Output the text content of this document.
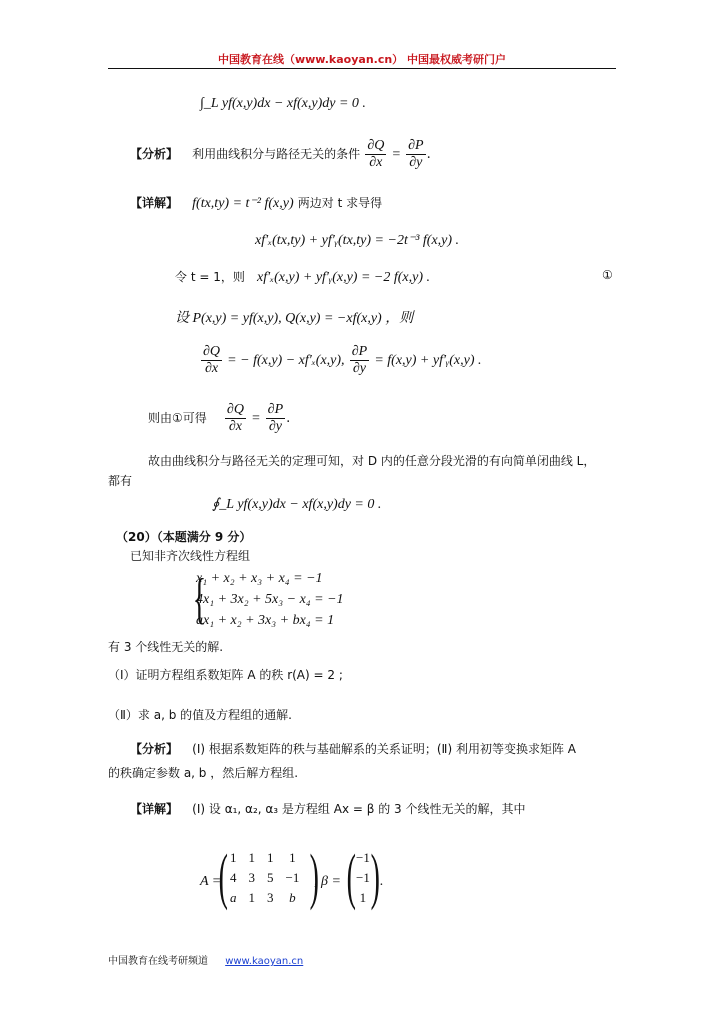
中国教育在线（www.kaoyan.cn） 中国最权威考研门户
∫_L yf(x,y)dx − xf(x,y)dy = 0 .
【分析】 利用曲线积分与路径无关的条件 $\frac{\partial Q}{\partial x} = \frac{\partial P}{\partial y}$ .
【详解】 f(tx,ty) = t⁻² f(x,y) 两边对 t 求导得
xf′ₓ(tx,ty) + yf′ᵧ(tx,ty) = −2t⁻³ f(x,y) .
令 t = 1，则 xf′ₓ(x,y) + yf′ᵧ(x,y) = −2 f(x,y) .	①
设 P(x,y) = yf(x,y), Q(x,y) = −xf(x,y) ，则
$\frac{\partial Q}{\partial x}$ = − f(x,y) − xf′ₓ(x,y), $\frac{\partial P}{\partial y} = f(x,y)$ + yf′ᵧ(x,y) .
则由①可得 $\frac{\partial Q}{\partial x} = \frac{\partial P}{\partial y}$ .
故由曲线积分与路径无关的定理可知，对 D 内的任意分段光滑的有向简单闭曲线 L，
都有
∮_L yf(x,y)dx − xf(x,y)dy = 0 .
（20）（本题满分 9 分）
已知非齐次线性方程组
{
x₁ + x₂ + x₃ + x₄ = −1
4x₁ + 3x₂ + 5x₃ − x₄ = −1
ax₁ + x₂ + 3x₃ + bx₄ = 1
有 3 个线性无关的解.
（Ⅰ）证明方程组系数矩阵 A 的秩 r(A) = 2 ;
（Ⅱ）求 a, b 的值及方程组的通解.
【分析】 (Ⅰ) 根据系数矩阵的秩与基础解系的关系证明；(Ⅱ) 利用初等变换求矩阵 A
的秩确定参数 a, b ，然后解方程组.
【详解】 (Ⅰ) 设 α₁, α₂, α₃ 是方程组 Ax = β 的 3 个线性无关的解，其中
A =
( 1	1	1	1
4	3	5	−1
a	1	3	b )
, β = ( −1
−1
1 ) .
中国教育在线考研频道 www.kaoyan.cn
